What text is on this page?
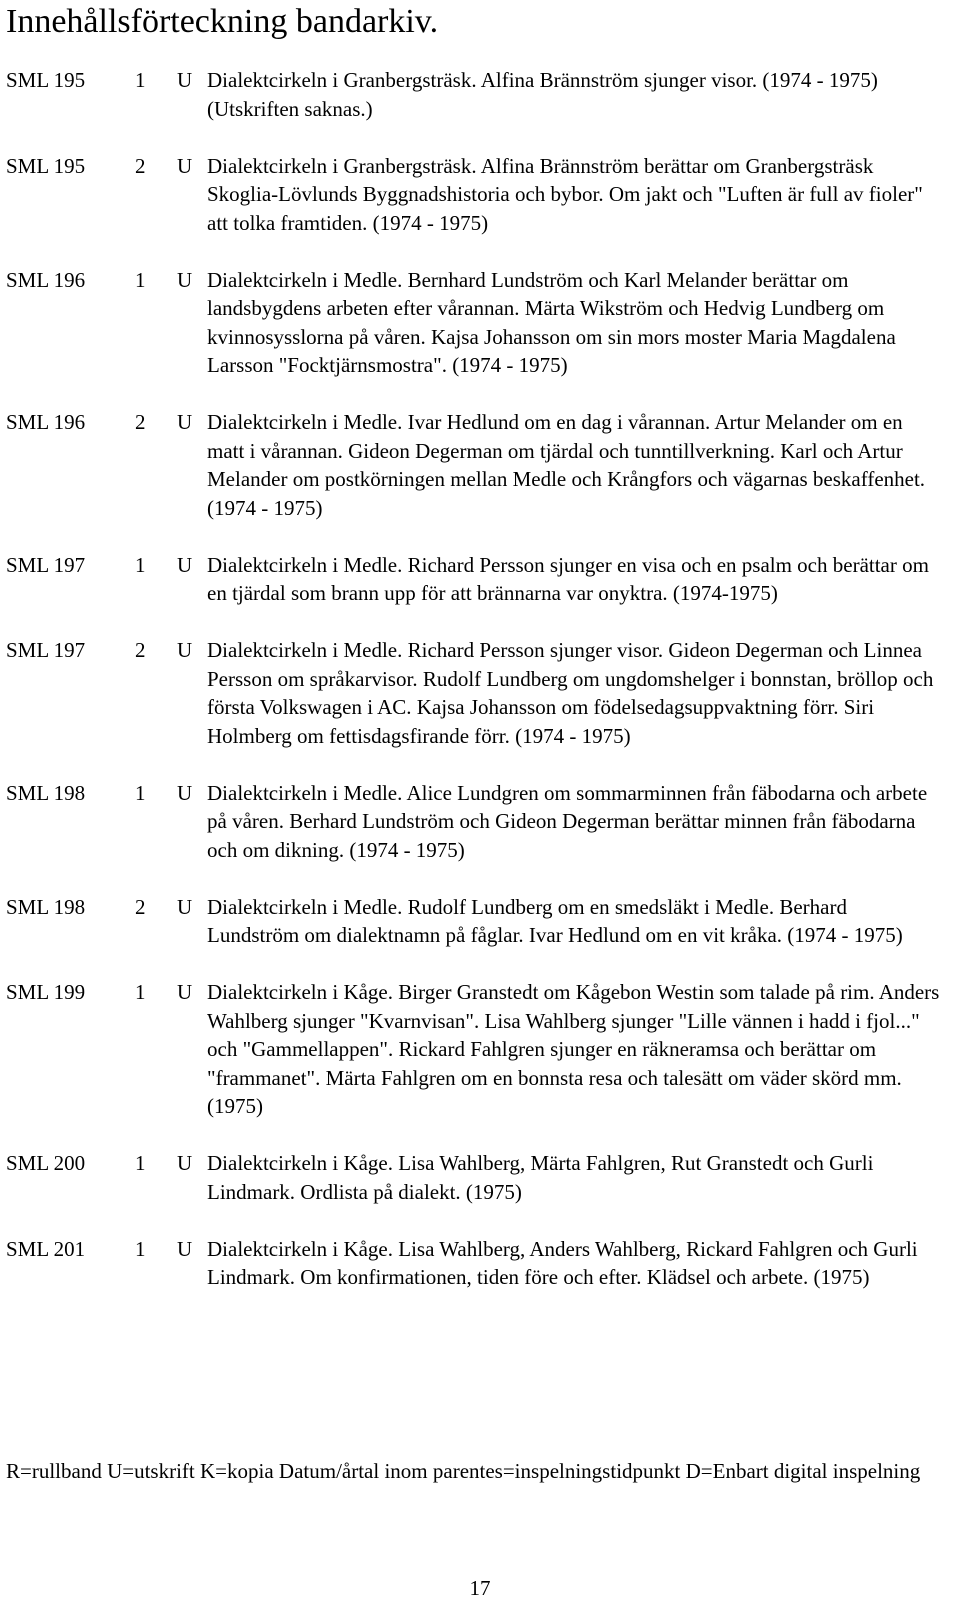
Innehållsförteckning bandarkiv.
SML 195	1	U Dialektcirkeln i Granbergsträsk. Alfina Brännström sjunger visor. (1974 - 1975) (Utskriften saknas.)
SML 195	2	U Dialektcirkeln i Granbergsträsk. Alfina Brännström berättar om Granbergsträsk Skoglia-Lövlunds Byggnadshistoria och bybor. Om jakt och "Luften är full av fioler" att tolka framtiden. (1974 - 1975)
SML 196	1	U Dialektcirkeln i Medle. Bernhard Lundström och Karl Melander berättar om landsbygdens arbeten efter vårannan. Märta Wikström och Hedvig Lundberg om kvinnosysslorna på våren. Kajsa Johansson om sin mors moster Maria Magdalena Larsson "Focktjärnsmostra". (1974 - 1975)
SML 196	2	U Dialektcirkeln i Medle. Ivar Hedlund om en dag i vårannan. Artur Melander om en matt i vårannan. Gideon Degerman om tjärdal och tunntillverkning. Karl och Artur Melander om postkörningen mellan Medle och Krångfors och vägarnas beskaffenhet. (1974 - 1975)
SML 197	1	U Dialektcirkeln i Medle. Richard Persson sjunger en visa och en psalm och berättar om en tjärdal som brann upp för att brännarna var onyktra. (1974-1975)
SML 197	2	U Dialektcirkeln i Medle. Richard Persson sjunger visor. Gideon Degerman och Linnea Persson om språkarvisor. Rudolf Lundberg om ungdomshelger i bonnstan, bröllop och första Volkswagen i AC. Kajsa Johansson om födelsedagsuppvaktning förr. Siri Holmberg om fettisdagsfirande förr. (1974 - 1975)
SML 198	1	U Dialektcirkeln i Medle. Alice Lundgren om sommarminnen från fäbodarna och arbete på våren. Berhard Lundström och Gideon Degerman berättar minnen från fäbodarna och om dikning. (1974 - 1975)
SML 198	2	U Dialektcirkeln i Medle. Rudolf Lundberg om en smedsläkt i Medle. Berhard Lundström om dialektnamn på fåglar. Ivar Hedlund om en vit kråka. (1974 - 1975)
SML 199	1	U Dialektcirkeln i Kåge. Birger Granstedt om Kågebon Westin som talade på rim. Anders Wahlberg sjunger "Kvarnvisan". Lisa Wahlberg sjunger "Lille vännen i hadd i fjol..." och "Gammellappen". Rickard Fahlgren sjunger en räkneramsa och berättar om "frammanet". Märta Fahlgren om en bonnsta resa och talesätt om väder skörd mm. (1975)
SML 200	1	U Dialektcirkeln i Kåge. Lisa Wahlberg, Märta Fahlgren, Rut Granstedt och Gurli Lindmark. Ordlista på dialekt. (1975)
SML 201	1	U Dialektcirkeln i Kåge. Lisa Wahlberg, Anders Wahlberg, Rickard Fahlgren och Gurli Lindmark. Om konfirmationen, tiden före och efter. Klädsel och arbete. (1975)
R=rullband U=utskrift K=kopia Datum/årtal inom parentes=inspelningstidpunkt D=Enbart digital inspelning
17
